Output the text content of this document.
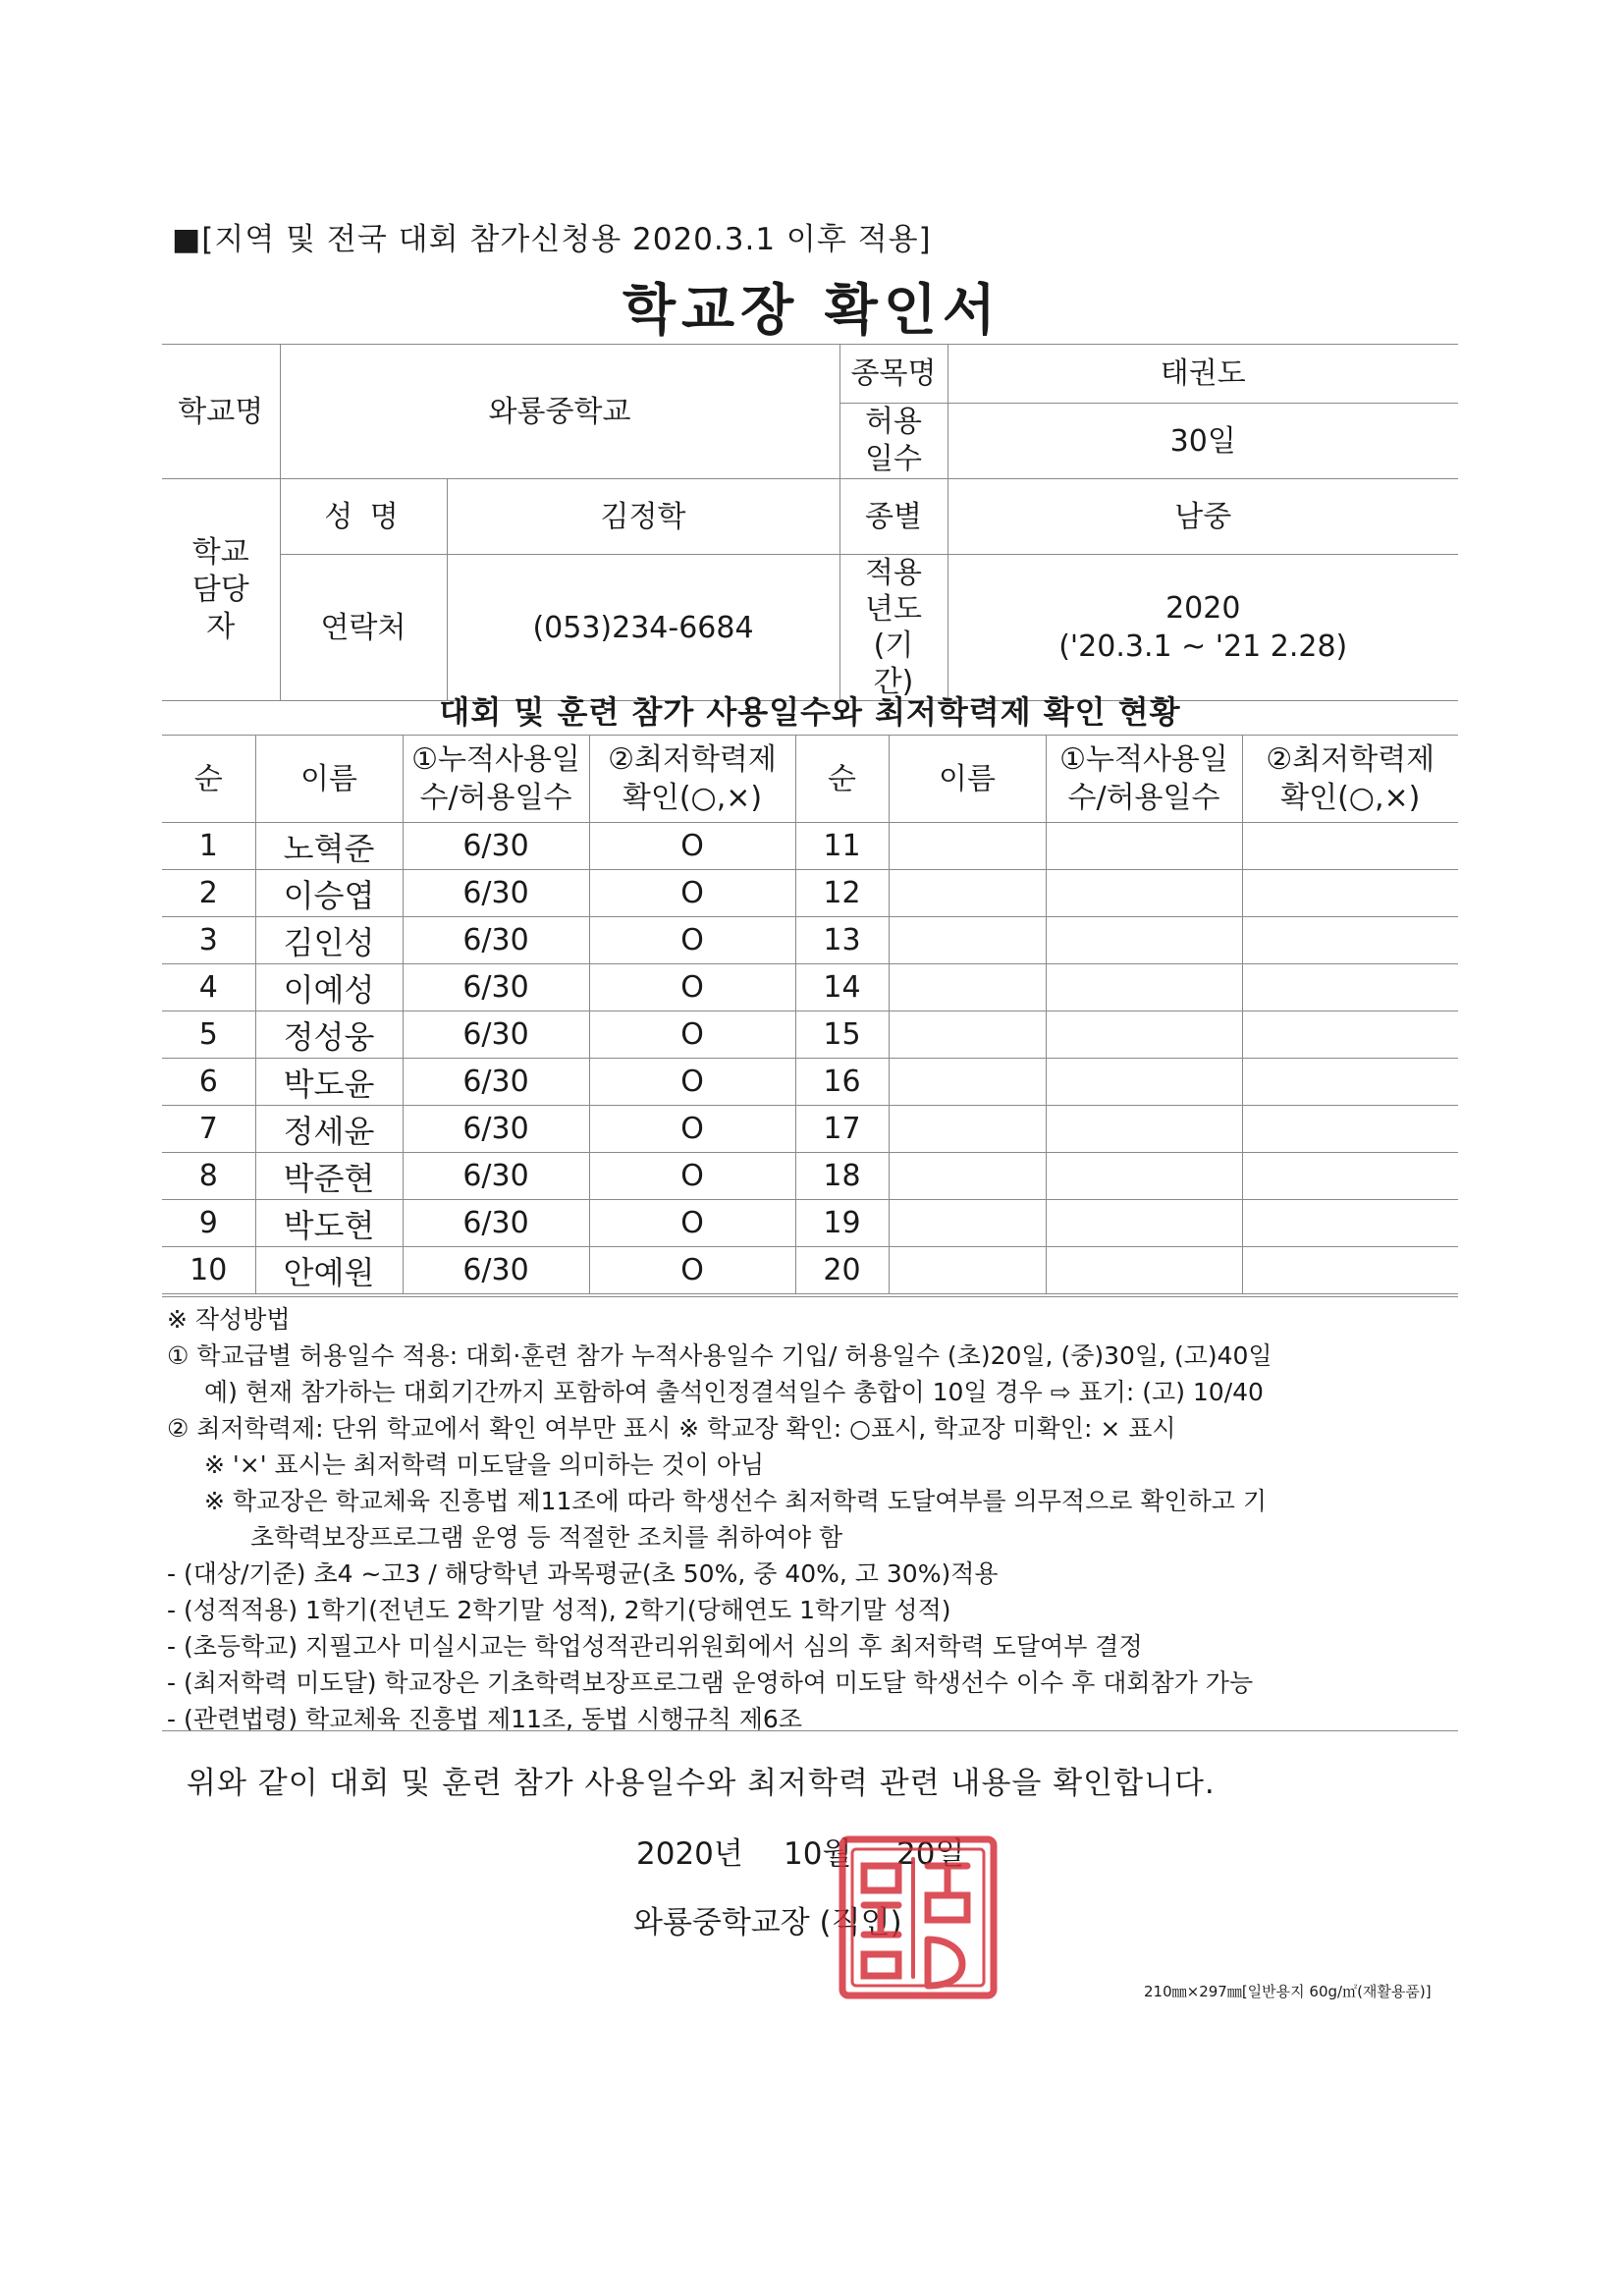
■[지역 및 전국 대회 참가신청용 2020.3.1 이후 적용]
학교장 확인서
학교명	와룡중학교		종목명	태권도

			허용일수	30일

학교담당자	성 명	김정학	종별	남중
	연락처	(053)234-6684	적용년도(기간)	2020
('20.3.1 ~ '21 2.28)
대회 및 훈련 참가 사용일수와 최저학력제 확인 현황
순	이름	①누적사용일수/허용일수	②최저학력제확인(○,×)	순	이름	①누적사용일수/허용일수	②최저학력제확인(○,×)

1	노혁준	6/30	O	11			
2	이승엽	6/30	O	12			
3	김인성	6/30	O	13			
4	이예성	6/30	O	14			
5	정성웅	6/30	O	15			
6	박도윤	6/30	O	16			
7	정세윤	6/30	O	17			
8	박준현	6/30	O	18			
9	박도현	6/30	O	19			
10	안예원	6/30	O	20			
※ 작성방법
① 학교급별 허용일수 적용: 대회·훈련 참가 누적사용일수 기입/ 허용일수 (초)20일, (중)30일, (고)40일
예) 현재 참가하는 대회기간까지 포함하여 출석인정결석일수 총합이 10일 경우 ⇨ 표기: (고) 10/40
② 최저학력제: 단위 학교에서 확인 여부만 표시 ※ 학교장 확인: ○표시, 학교장 미확인: × 표시
※ '×' 표시는 최저학력 미도달을 의미하는 것이 아님
※ 학교장은 학교체육 진흥법 제11조에 따라 학생선수 최저학력 도달여부를 의무적으로 확인하고 기
초학력보장프로그램 운영 등 적절한 조치를 취하여야 함
- (대상/기준) 초4 ~고3 / 해당학년 과목평균(초 50%, 중 40%, 고 30%)적용
- (성적적용) 1학기(전년도 2학기말 성적), 2학기(당해연도 1학기말 성적)
- (초등학교) 지필고사 미실시교는 학업성적관리위원회에서 심의 후 최저학력 도달여부 결정
- (최저학력 미도달) 학교장은 기초학력보장프로그램 운영하여 미도달 학생선수 이수 후 대회참가 가능
- (관련법령) 학교체육 진흥법 제11조, 동법 시행규칙 제6조
위와 같이 대회 및 훈련 참가 사용일수와 최저학력 관련 내용을 확인합니다.
2020년 10월 20일
와룡중학교장 (직인)
210㎜×297㎜[일반용지 60g/㎡(재활용품)]
